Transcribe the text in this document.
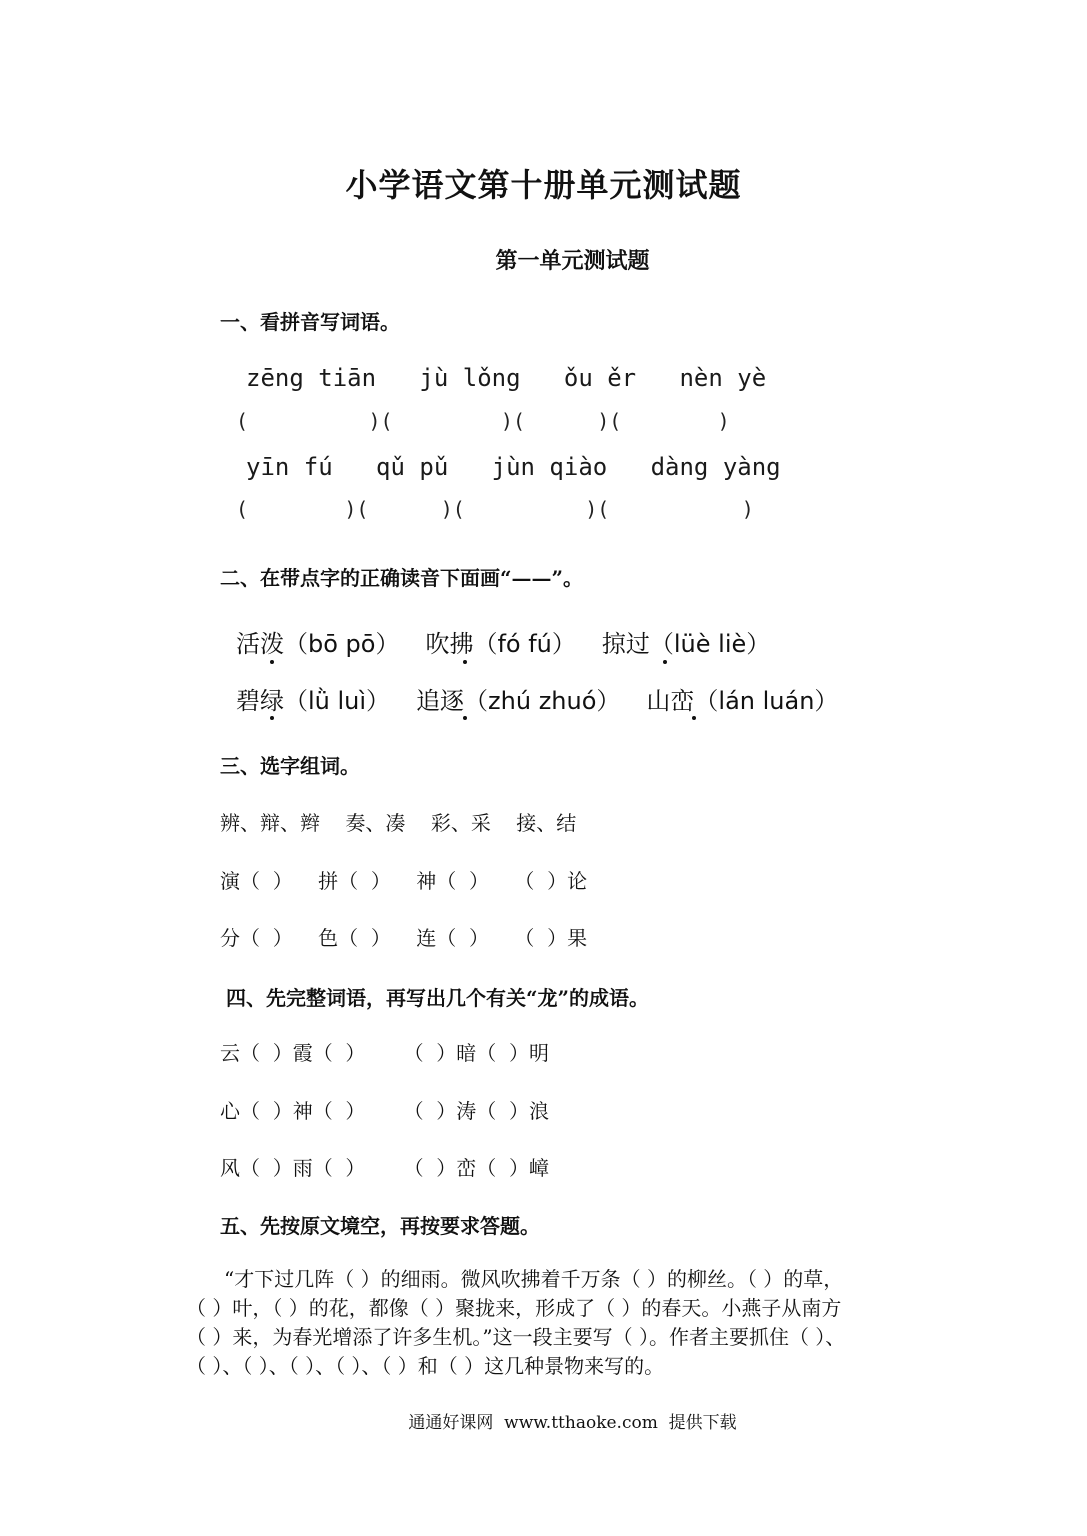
小学语文第十册单元测试题
第一单元测试题
一、看拼音写词语。
zēng tiān   jù lǒng   ǒu ěr   nèn yè
(          )(         )(      )(        )
yīn fú   qǔ pǔ   jùn qiào   dàng yàng
(        )(      )(          )(           )
二、在带点字的正确读音下面画“——”。
活泼（bō pō） 吹拂（fó fú） 掠过（lüè liè）
碧绿（lǜ luì） 追逐（zhú zhuó） 山峦（lán luán）
三、选字组词。
辨、辩、辫    奏、凑    彩、采    接、结
演（  ）    拼（  ）    神（  ）    （  ）论
分（  ）    色（  ）    连（  ）    （  ）果
四、先完整词语，再写出几个有关“龙”的成语。
云（  ）霞（  ）      （  ）暗（  ）明
心（  ）神（  ）      （  ）涛（  ）浪
风（  ）雨（  ）      （  ）峦（  ）嶂
五、先按原文境空，再按要求答题。

“才下过几阵（ ）的细雨。微风吹拂着千万条（ ）的柳丝。（ ）的草，

（ ）叶，（ ）的花，都像（ ）聚拢来，形成了（ ）的春天。小燕子从南方

（ ）来，为春光增添了许多生机。”这一段主要写（ ）。作者主要抓住（ ）、

（ ）、（ ）、（ ）、（ ）、（ ）和（ ）这几种景物来写的。

通通好课网  www.tthaoke.com  提供下载
